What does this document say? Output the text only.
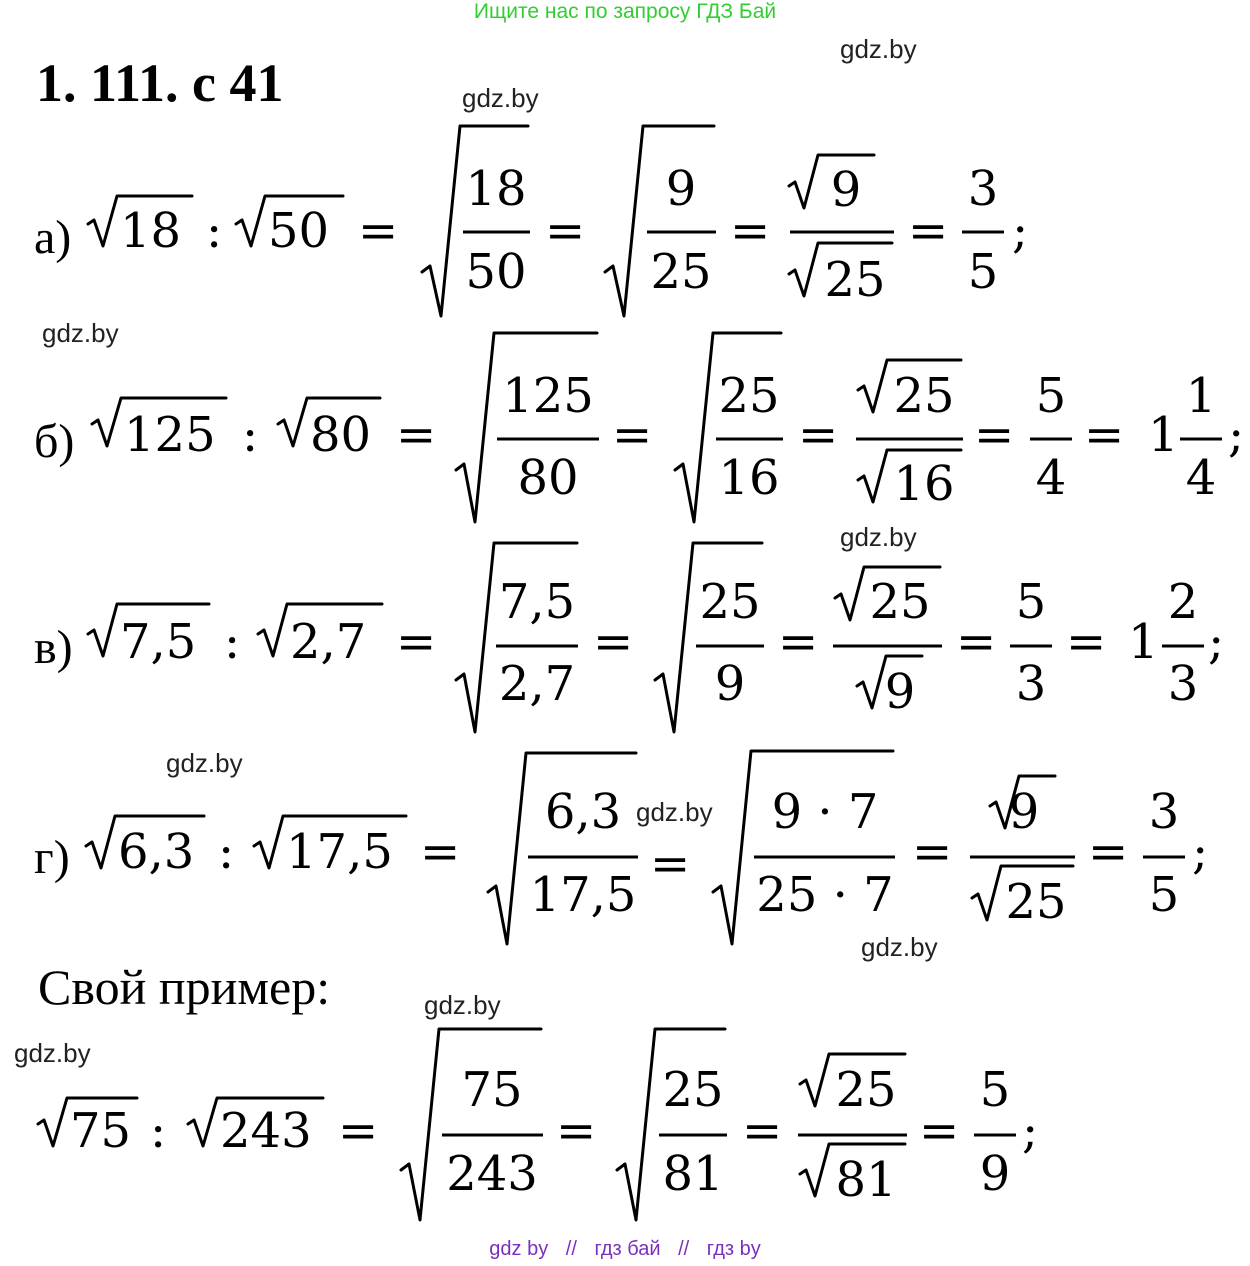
Ищите нас по запросу ГДЗ Бай
gdz.by
gdz.by
gdz.by
gdz.by
gdz.by
gdz.by
gdz.by
gdz.by
gdz.by
1. 111. с 41
а)
б)
в)
г)
Свой пример:
18 : 50 =
18
50
=
9
25
=
9
25
=
3
5
;
125 : 80 =
125
80
=
25
16
=
25
16
=
5
4
= 1
1
4
;
7,5 : 2,7 =
7,5
2,7
=
25
9
=
25
9
=
5
3
= 1
2
3
;
6,3 : 17,5 =
6,3
17,5
=
9 · 7
25 · 7
=
9
25
=
3
5
;
75 : 243 =
75
243
=
25
81
=
25
81
=
5
9
;
gdz by // гдз бай // гдз by
